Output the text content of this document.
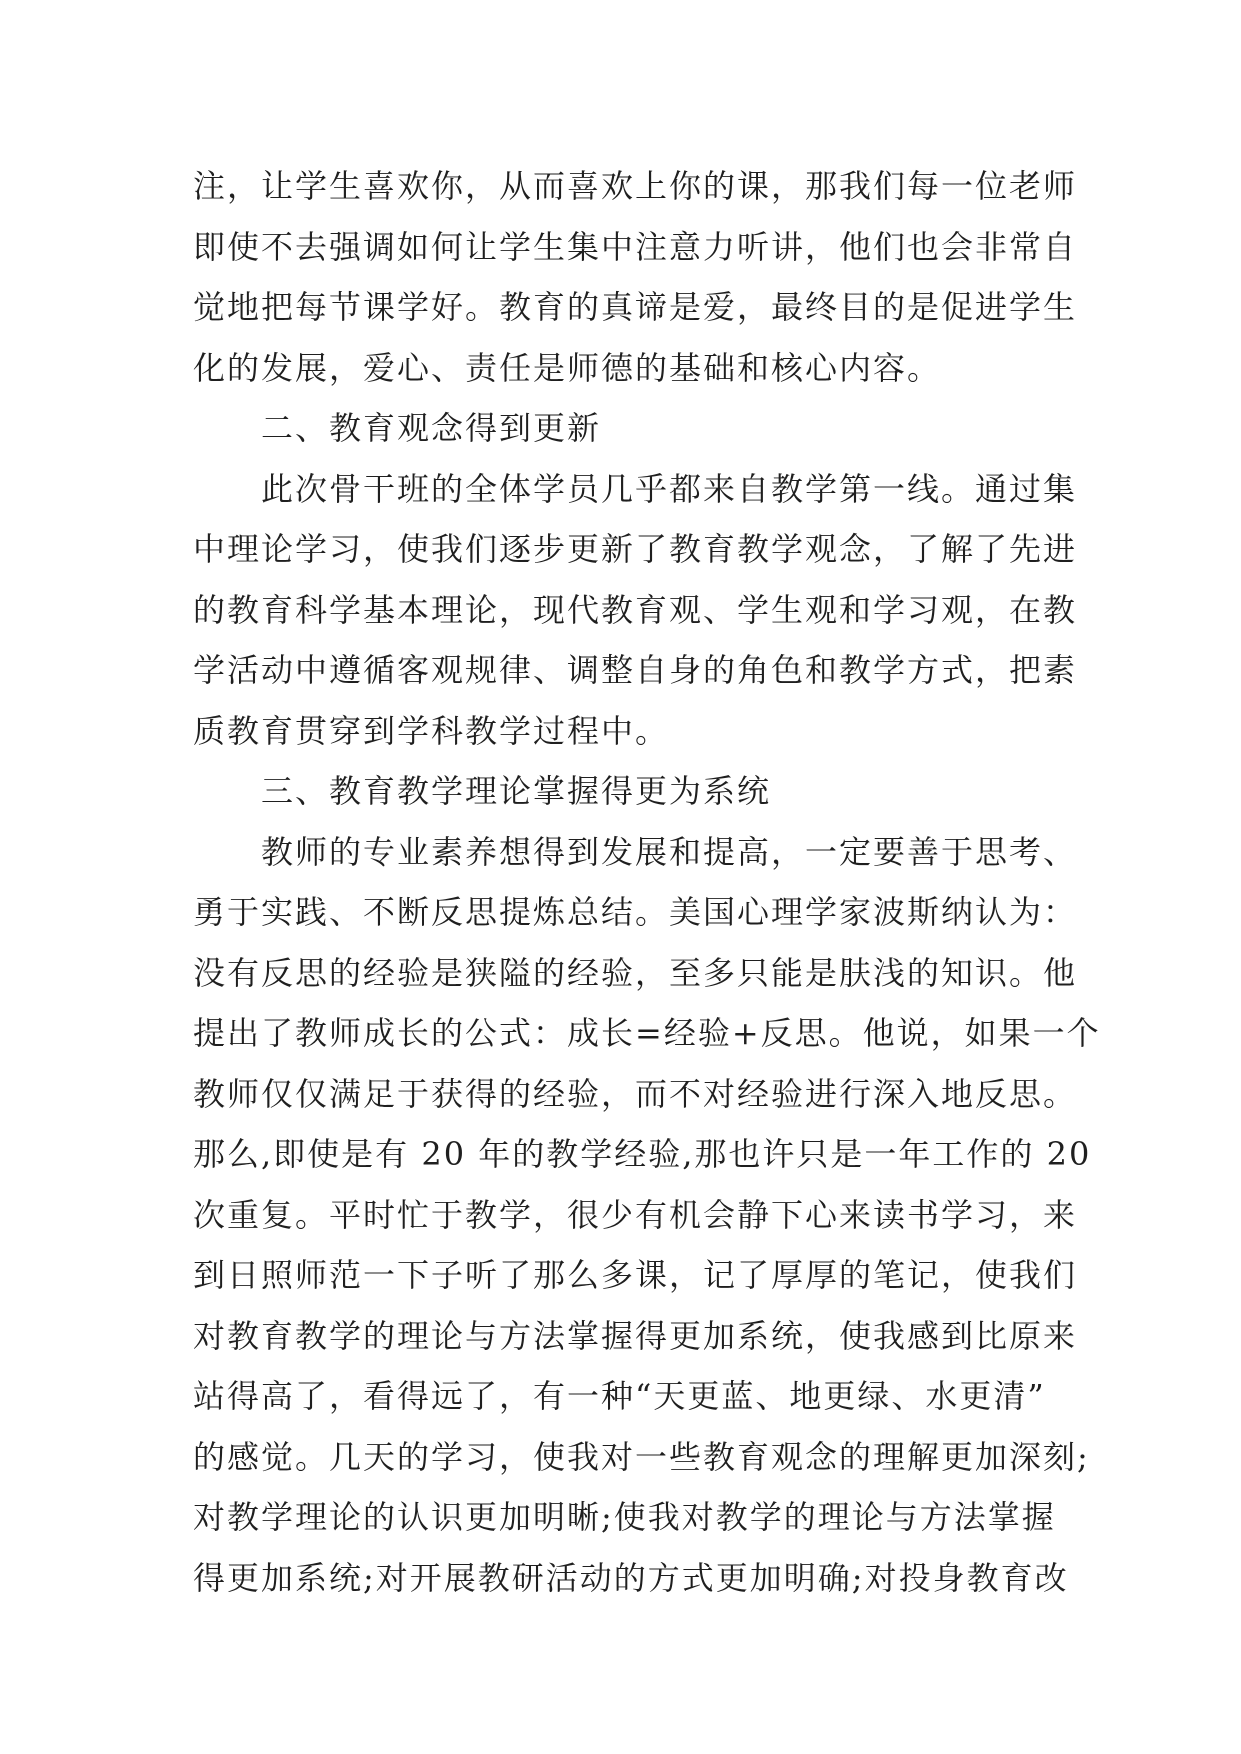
注，让学生喜欢你，从而喜欢上你的课，那我们每一位老师
即使不去强调如何让学生集中注意力听讲，他们也会非常自
觉地把每节课学好。教育的真谛是爱，最终目的是促进学生
化的发展，爱心、责任是师德的基础和核心内容。
二、教育观念得到更新
此次骨干班的全体学员几乎都来自教学第一线。通过集
中理论学习，使我们逐步更新了教育教学观念，了解了先进
的教育科学基本理论，现代教育观、学生观和学习观，在教
学活动中遵循客观规律、调整自身的角色和教学方式，把素
质教育贯穿到学科教学过程中。
三、教育教学理论掌握得更为系统
教师的专业素养想得到发展和提高，一定要善于思考、
勇于实践、不断反思提炼总结。美国心理学家波斯纳认为：
没有反思的经验是狭隘的经验，至多只能是肤浅的知识。他
提出了教师成长的公式：成长=经验+反思。他说，如果一个
教师仅仅满足于获得的经验，而不对经验进行深入地反思。
那么,即使是有 20 年的教学经验,那也许只是一年工作的 20
次重复。平时忙于教学，很少有机会静下心来读书学习，来
到日照师范一下子听了那么多课，记了厚厚的笔记，使我们
对教育教学的理论与方法掌握得更加系统，使我感到比原来
站得高了，看得远了，有一种“天更蓝、地更绿、水更清”
的感觉。几天的学习，使我对一些教育观念的理解更加深刻;
对教学理论的认识更加明晰;使我对教学的理论与方法掌握
得更加系统;对开展教研活动的方式更加明确;对投身教育改
